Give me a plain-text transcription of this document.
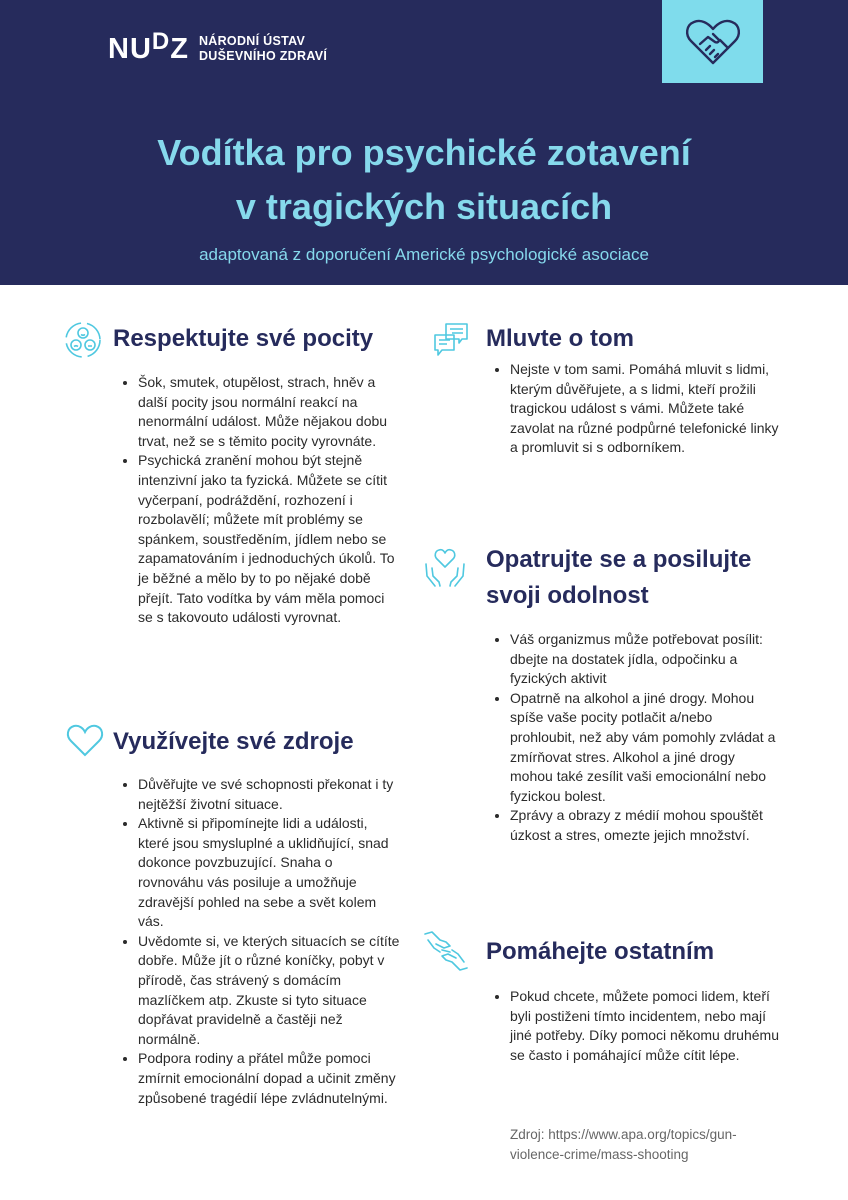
$NU^DZ$ NÁRODNÍ ÚSTAV
DUŠEVNÍHO ZDRAVÍ
Vodítka pro psychické zotavení
v tragických situacích
adaptovaná z doporučení Americké psychologické asociace
Respektujte své pocity
• Šok, smutek, otupělost, strach, hněv a další pocity jsou normální reakcí na nenormální událost. Může nějakou dobu trvat, než se s těmito pocity vyrovnáte.
• Psychická zranění mohou být stejně intenzivní jako ta fyzická. Můžete se cítit vyčerpaní, podráždění, rozhození i rozbolavělí; můžete mít problémy se spánkem, soustředěním, jídlem nebo se zapamatováním i jednoduchých úkolů. To je běžné a mělo by to po nějaké době přejít. Tato vodítka by vám měla pomoci se s takovouto události vyrovnat.
Využívejte své zdroje
• Důvěřujte ve své schopnosti překonat i ty nejtěžší životní situace.
• Aktivně si připomínejte lidi a události, které jsou smysluplné a uklidňující, snad dokonce povzbuzující. Snaha o rovnováhu vás posiluje a umožňuje zdravější pohled na sebe a svět kolem vás.
• Uvědomte si, ve kterých situacích se cítíte dobře. Může jít o různé koníčky, pobyt v přírodě, čas strávený s domácím mazlíčkem atp. Zkuste si tyto situace dopřávat pravidelně a častěji než normálně.
• Podpora rodiny a přátel může pomoci zmírnit emocionální dopad a učinit změny způsobené tragédií lépe zvládnutelnými.
Mluvte o tom
• Nejste v tom sami. Pomáhá mluvit s lidmi, kterým důvěřujete, a s lidmi, kteří prožili tragickou událost s vámi. Můžete také zavolat na různé podpůrné telefonické linky a promluvit si s odborníkem.
Opatrujte se a posilujte
svoji odolnost
• Váš organizmus může potřebovat posílit: dbejte na dostatek jídla, odpočinku a fyzických aktivit
• Opatrně na alkohol a jiné drogy. Mohou spíše vaše pocity potlačit a/nebo prohloubit, než aby vám pomohly zvládat a zmírňovat stres. Alkohol a jiné drogy mohou také zesílit vaši emocionální nebo fyzickou bolest.
• Zprávy a obrazy z médií mohou spouštět úzkost a stres, omezte jejich množství.
Pomáhejte ostatním
• Pokud chcete, můžete pomoci lidem, kteří byli postiženi tímto incidentem, nebo mají jiné potřeby. Díky pomoci někomu druhému se často i pomáhající může cítit lépe.
Zdroj: https://www.apa.org/topics/gun-violence-crime/mass-shooting
